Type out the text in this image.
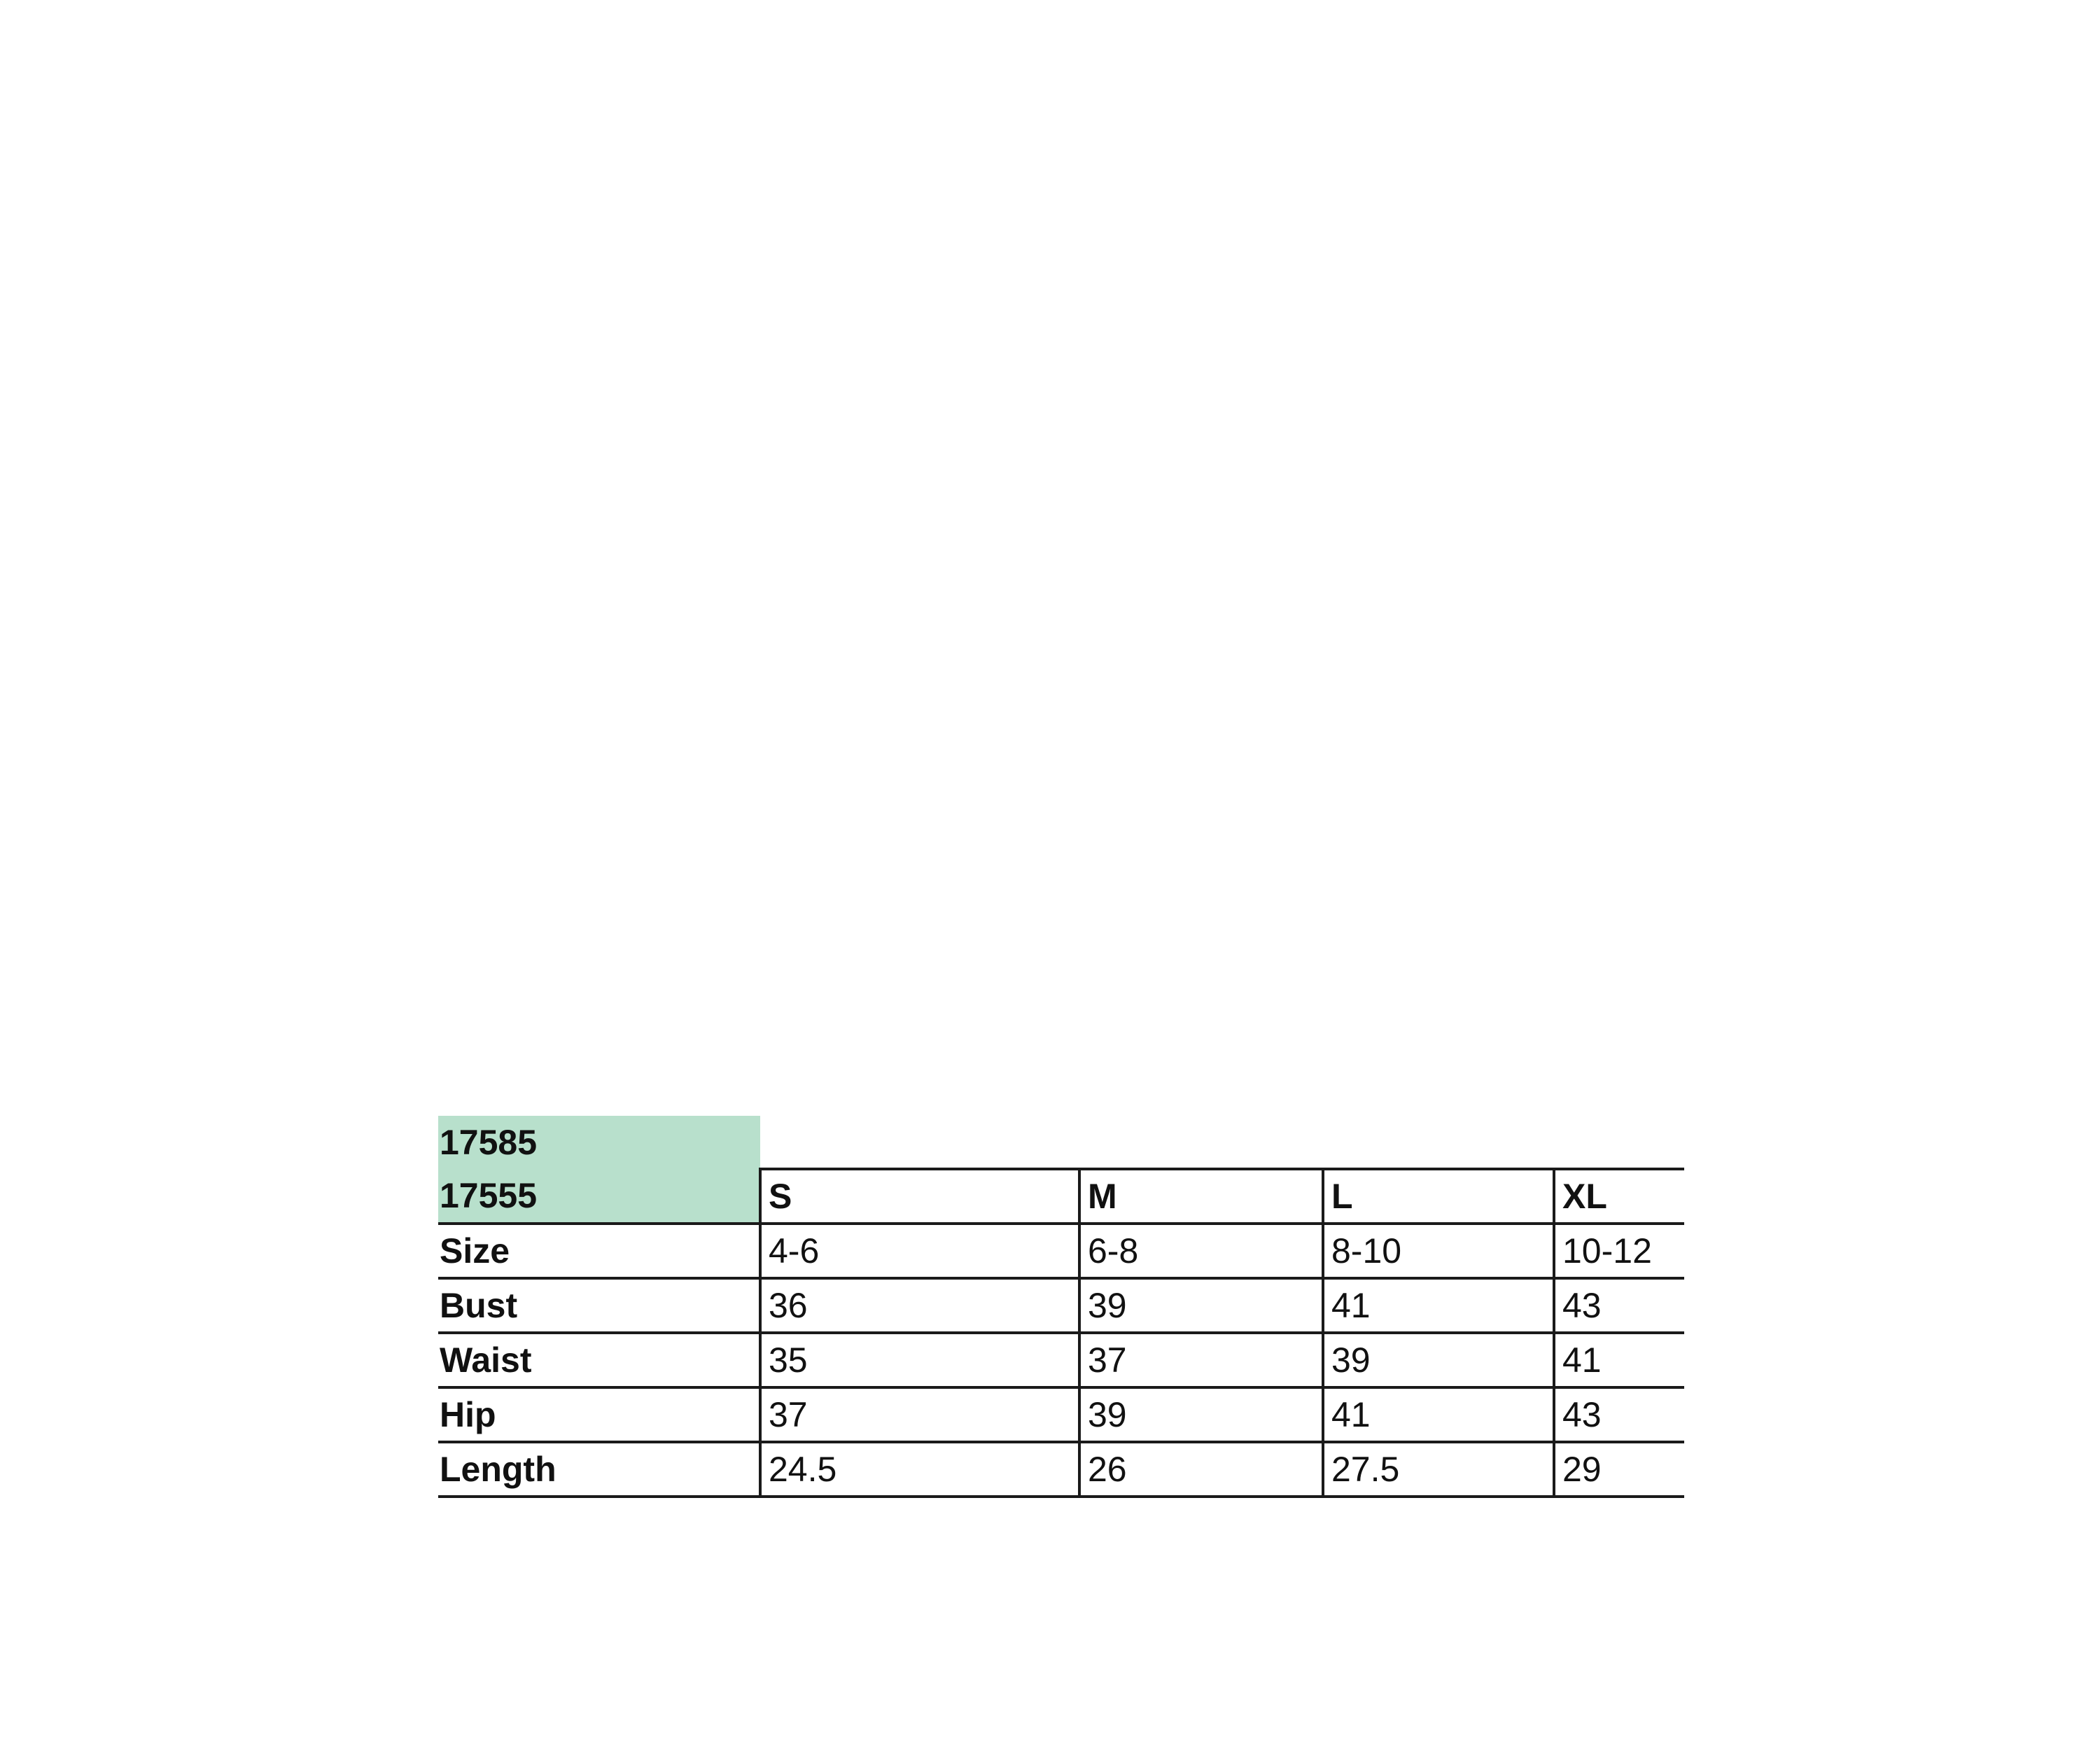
17585				
17555	S	M	L	XL
Size	4-6	6-8	8-10	10-12
Bust	36	39	41	43
Waist	35	37	39	41
Hip	37	39	41	43
Length	24.5	26	27.5	29
